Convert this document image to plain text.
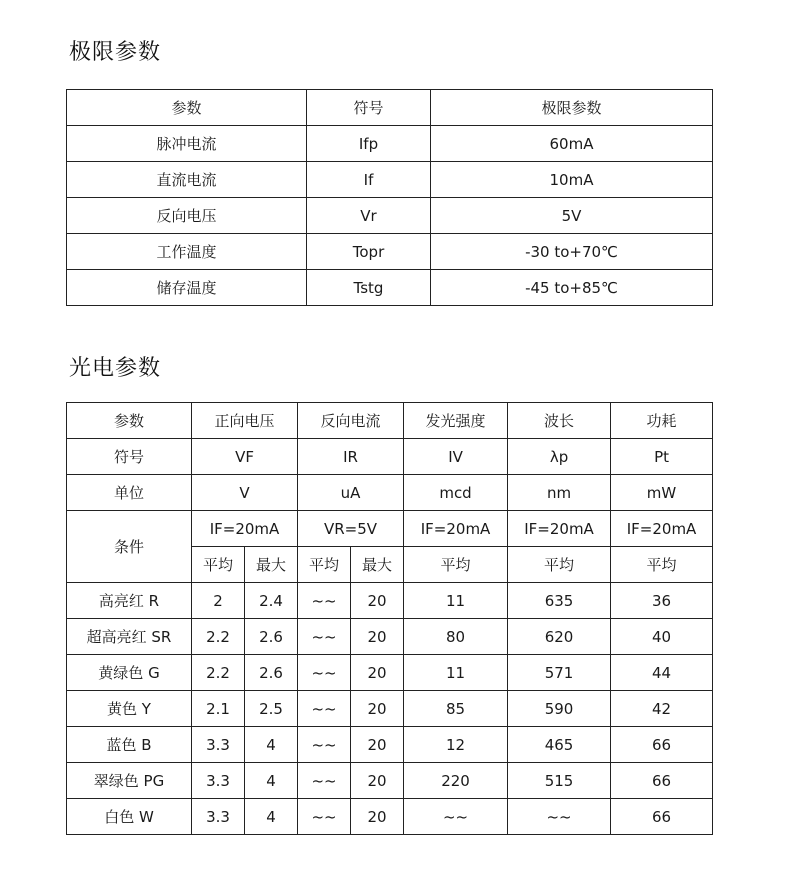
极限参数
参数	符号	极限参数
脉冲电流	Ifp	60mA
直流电流	If	10mA
反向电压	Vr	5V
工作温度	Topr	-30 to+70℃
储存温度	Tstg	-45 to+85℃
光电参数
参数	正向电压		反向电流		发光强度	波长	功耗
符号	VF		IR		IV	λp	Pt
单位	V		uA		mcd	nm	mW
条件	IF=20mA		VR=5V		IF=20mA	IF=20mA	IF=20mA
	平均	最大	平均	最大	平均	平均	平均
高亮红 R	2	2.4	~~	20	11	635	36
超高亮红 SR	2.2	2.6	~~	20	80	620	40
黄绿色 G	2.2	2.6	~~	20	11	571	44
黄色 Y	2.1	2.5	~~	20	85	590	42
蓝色 B	3.3	4	~~	20	12	465	66
翠绿色 PG	3.3	4	~~	20	220	515	66
白色 W	3.3	4	~~	20	~~	~~	66
